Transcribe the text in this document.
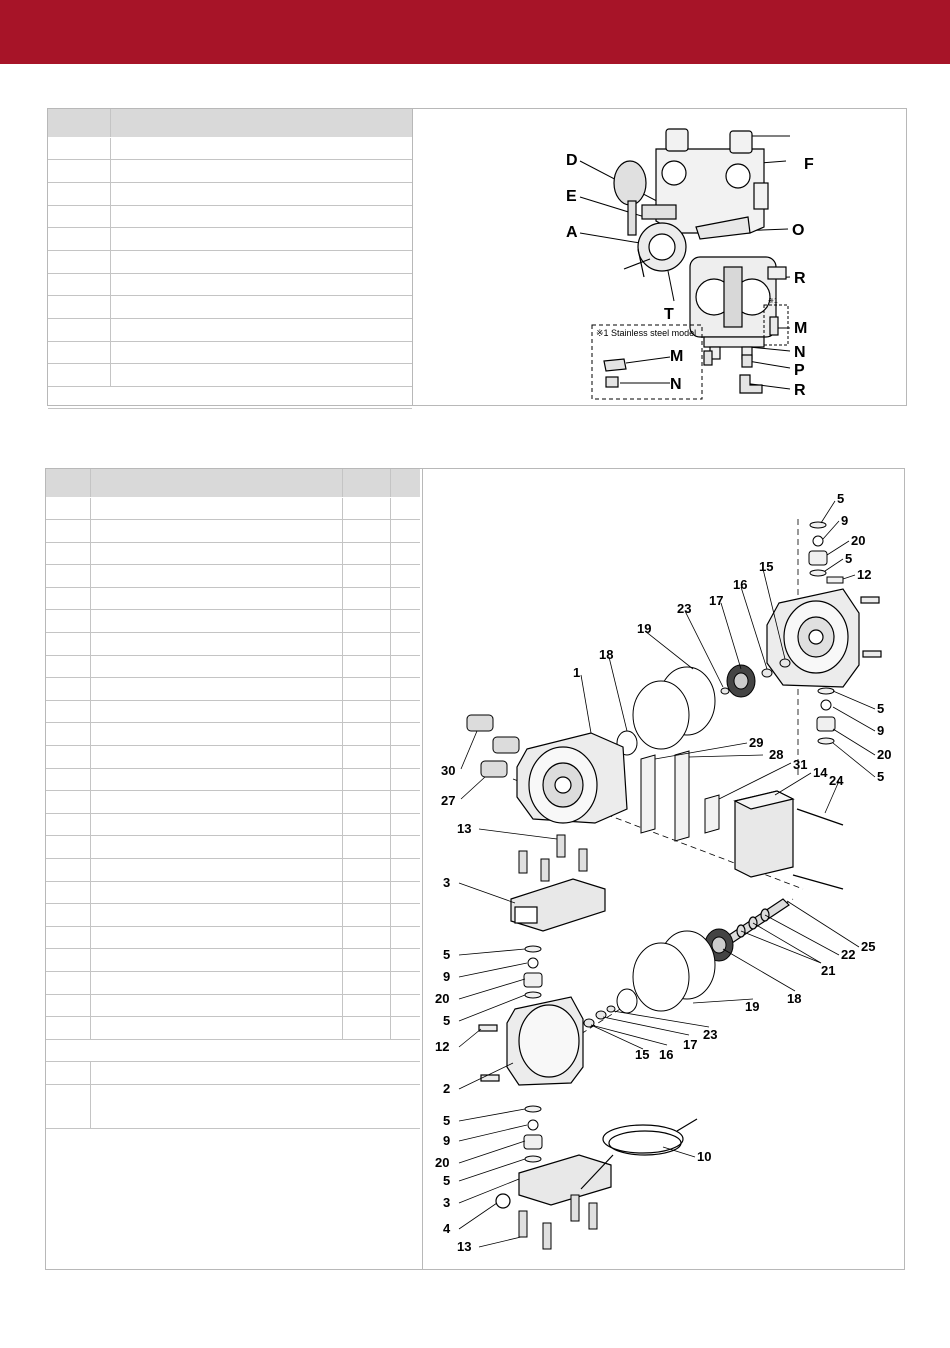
D	F
E
O
A
R
T
M
N
P
R
※1 Stainless steel model
※1
M
N

5
9
20
5
12
15
16
17
23
19
18
1
5
9
20
5
29
28
31
14
24
30
27
13
3
25
22
21
18
5
9
20
5
19
12
23
17
16
15
2
5
9
20
5
10
3
4
13
